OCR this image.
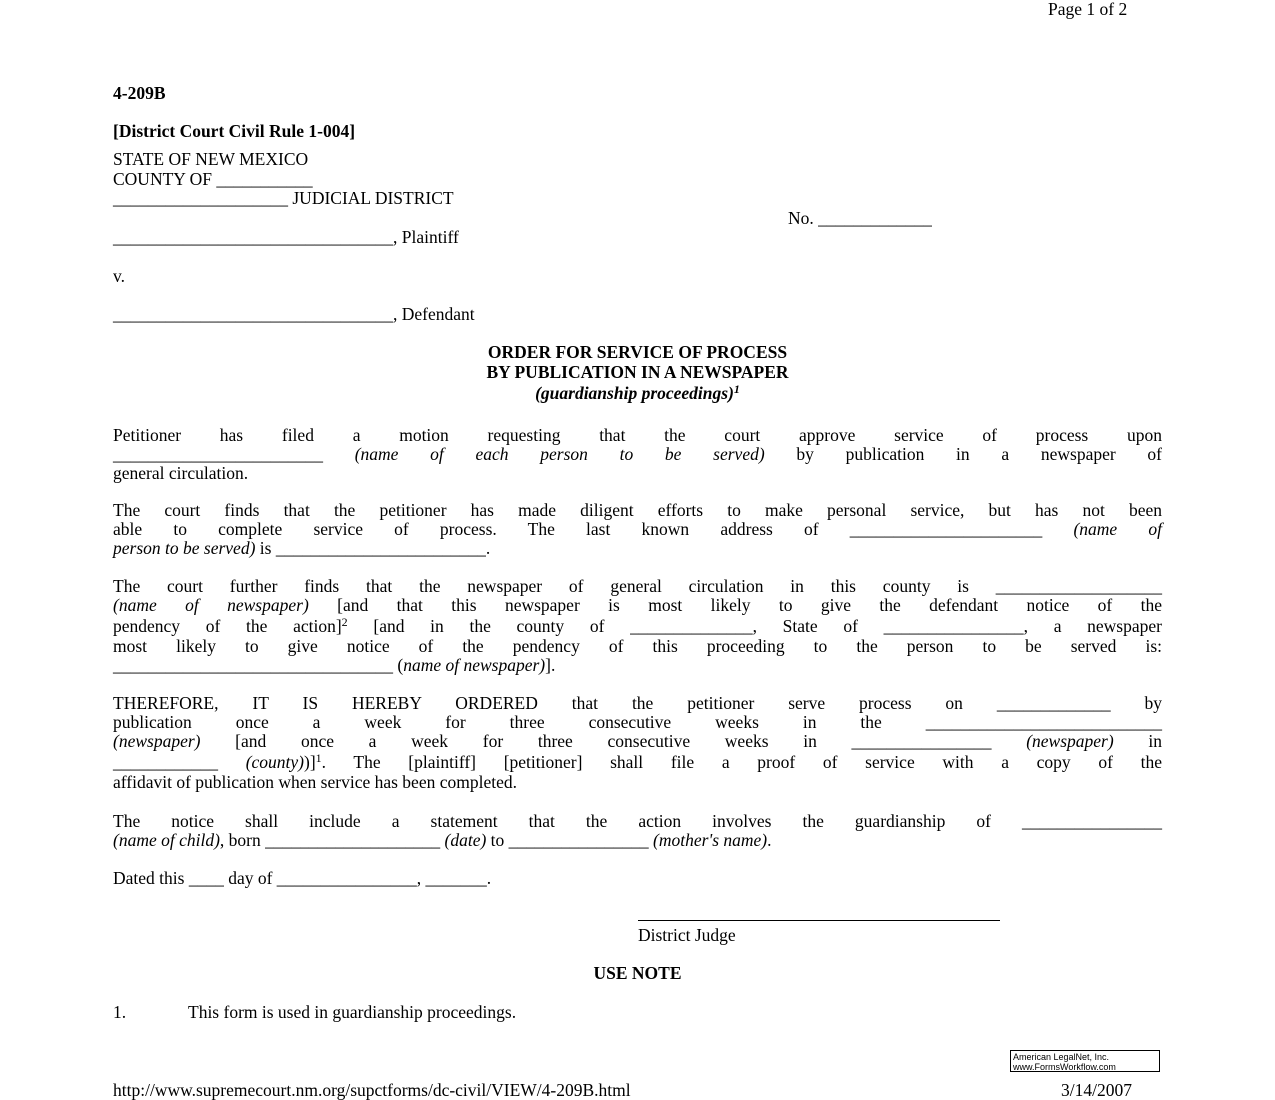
Page 1 of 2
4-209B
[District Court Civil Rule 1-004]
STATE OF NEW MEXICO
COUNTY OF ___________
____________________ JUDICIAL DISTRICT
No. _____________
________________________________, Plaintiff
v.
________________________________, Defendant
ORDER FOR SERVICE OF PROCESS
BY PUBLICATION IN A NEWSPAPER
(guardianship proceedings)$^1$
Petitioner has filed a motion requesting that the court approve service of process upon
________________________ (name of each person to be served) by publication in a newspaper of
general circulation.
The court finds that the petitioner has made diligent efforts to make personal service, but has not been
able to complete service of process. The last known address of ______________________ (name of
person to be served) is ________________________.
The court further finds that the newspaper of general circulation in this county is ___________________
(name of newspaper) [and that this newspaper is most likely to give the defendant notice of the
pendency of the action]$^2$ [and in the county of ______________, State of ________________, a newspaper
most likely to give notice of the pendency of this proceeding to the person to be served is:
________________________________ (name of newspaper)].
THEREFORE, IT IS HEREBY ORDERED that the petitioner serve process on _____________ by
publication once a week for three consecutive weeks in the ___________________________
(newspaper) [and once a week for three consecutive weeks in ________________ (newspaper) in
____________ (county))]$^1$. The [plaintiff] [petitioner] shall file a proof of service with a copy of the
affidavit of publication when service has been completed.
The notice shall include a statement that the action involves the guardianship of ________________
(name of child), born ____________________ (date) to ________________ (mother's name).
Dated this ____ day of ________________, _______.
District Judge
USE NOTE
1.	This form is used in guardianship proceedings.
American LegalNet, Inc.
www.FormsWorkflow.com
http://www.supremecourt.nm.org/supctforms/dc-civil/VIEW/4-209B.html	3/14/2007
